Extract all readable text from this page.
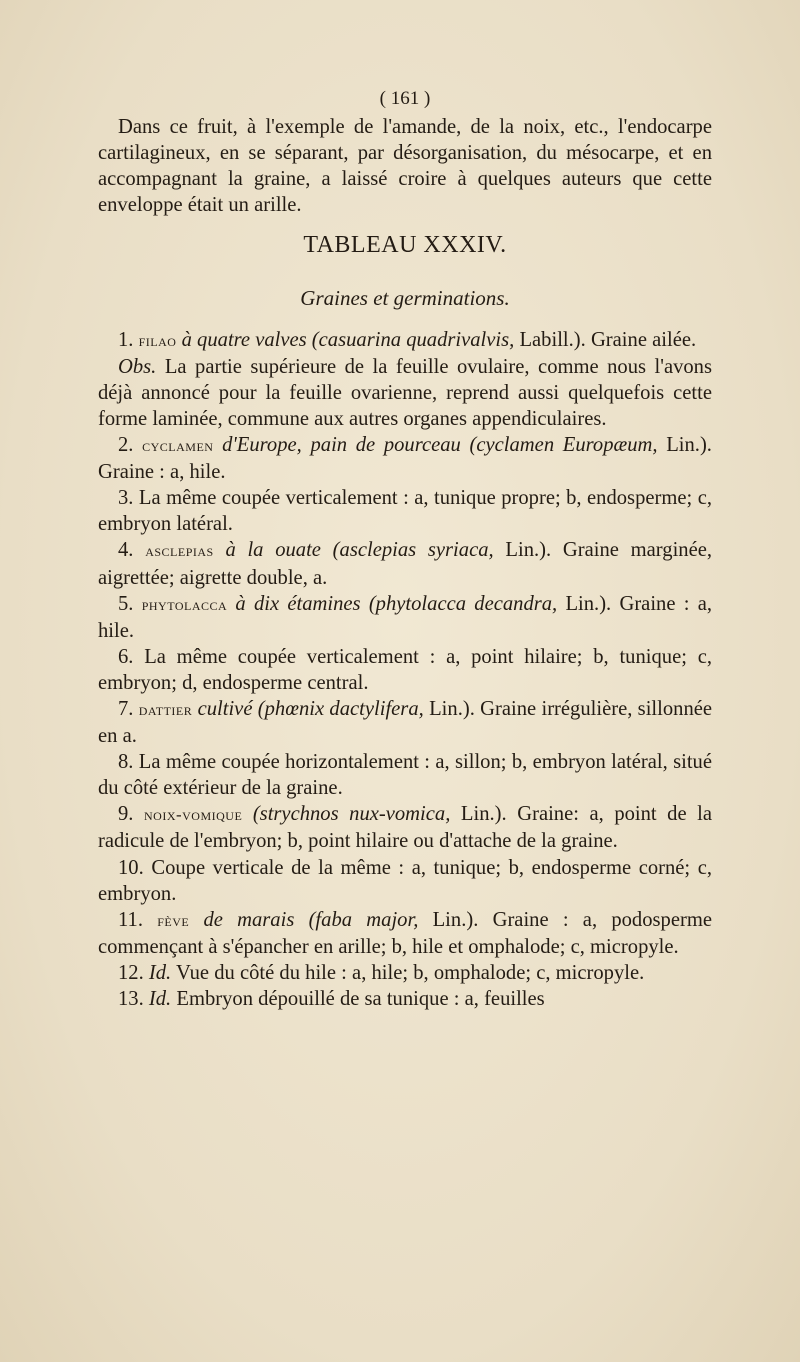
( 161 )

Dans ce fruit, à l'exemple de l'amande, de la noix, etc., l'endocarpe cartilagineux, en se séparant, par désorganisation, du mésocarpe, et en accompagnant la graine, a laissé croire à quelques auteurs que cette enveloppe était un arille.

TABLEAU XXXIV.
Graines et germinations.

1. filao à quatre valves (casuarina quadrivalvis, Labill.). Graine ailée.

Obs. La partie supérieure de la feuille ovulaire, comme nous l'avons déjà annoncé pour la feuille ovarienne, reprend aussi quelquefois cette forme laminée, commune aux autres organes appendiculaires.

2. cyclamen d'Europe, pain de pourceau (cyclamen Europæum, Lin.). Graine : a, hile.

3. La même coupée verticalement : a, tunique propre; b, endosperme; c, embryon latéral.

4. asclepias à la ouate (asclepias syriaca, Lin.). Graine marginée, aigrettée; aigrette double, a.

5. phytolacca à dix étamines (phytolacca decandra, Lin.). Graine : a, hile.

6. La même coupée verticalement : a, point hilaire; b, tunique; c, embryon; d, endosperme central.

7. dattier cultivé (phœnix dactylifera, Lin.). Graine irrégulière, sillonnée en a.

8. La même coupée horizontalement : a, sillon; b, embryon latéral, situé du côté extérieur de la graine.

9. noix-vomique (strychnos nux-vomica, Lin.). Graine: a, point de la radicule de l'embryon; b, point hilaire ou d'attache de la graine.

10. Coupe verticale de la même : a, tunique; b, endosperme corné; c, embryon.

11. fève de marais (faba major, Lin.). Graine : a, podosperme commençant à s'épancher en arille; b, hile et omphalode; c, micropyle.

12. Id. Vue du côté du hile : a, hile; b, omphalode; c, micropyle.

13. Id. Embryon dépouillé de sa tunique : a, feuilles
